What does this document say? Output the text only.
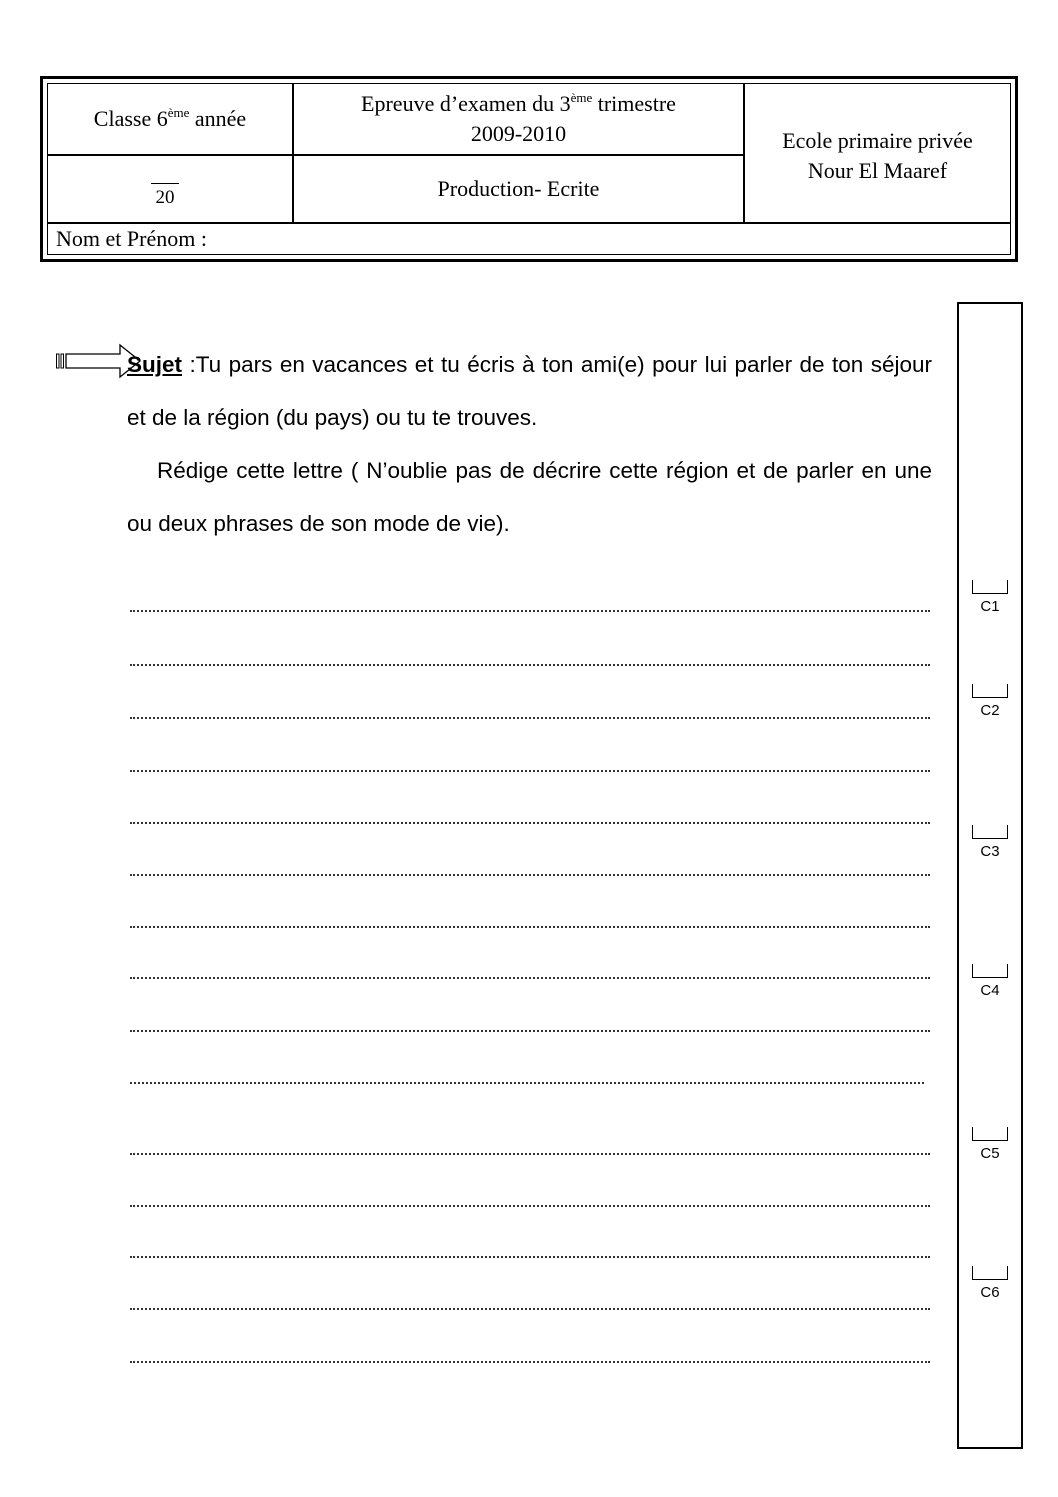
Classe 6ème année
Epreuve d’examen du 3ème trimestre
2009-2010	Ecole primaire privée
Nour El Maaref
Production- Ecrite
Nom et Prénom :
20

Sujet :Tu pars en vacances et tu écris à ton ami(e) pour lui parler de ton séjour et de la région (du pays) ou tu te trouves.

Rédige cette lettre ( N’oublie pas de décrire cette région et de parler en une ou deux phrases de son mode de vie).

C1
C2
C3
C4
C5
C6
